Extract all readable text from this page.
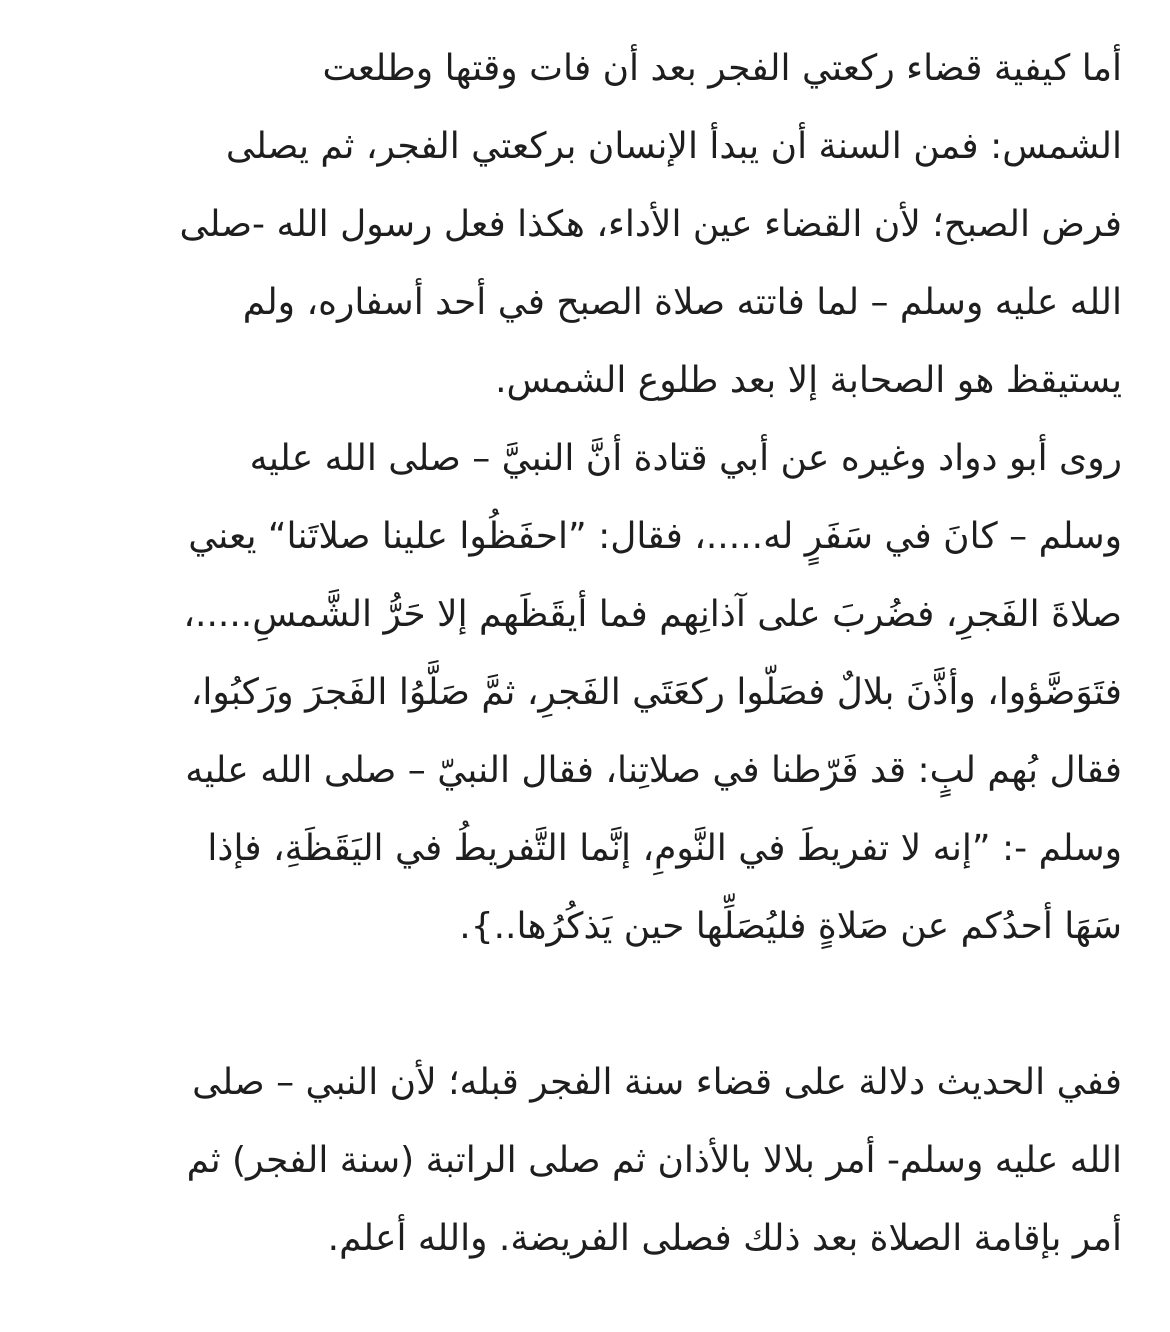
أما كيفية قضاء ركعتي الفجر بعد أن فات وقتها وطلعت
الشمس: فمن السنة أن يبدأ الإنسان بركعتي الفجر، ثم يصلى
فرض الصبح؛ لأن القضاء عين الأداء، هكذا فعل رسول الله -صلى
الله عليه وسلم – لما فاتته صلاة الصبح في أحد أسفاره، ولم
يستيقظ هو الصحابة إلا بعد طلوع الشمس.
روى أبو دواد وغيره عن أبي قتادة أنَّ النبيَّ – صلى الله عليه
وسلم – كانَ في سَفَرٍ له.....، فقال: ”احفَظُوا علينا صلاتَنا“ يعني
صلاةَ الفَجرِ، فضُربَ على آذانِهم فما أيقَظَهم إلا حَرُّ الشَّمسِ.....،
فتَوَضَّؤوا، وأذَّنَ بلالٌ فصَلّوا ركعَتَي الفَجرِ، ثمَّ صَلَّوُا الفَجرَ ورَكبُوا،
فقال بُهم لبٍ: قد فَرّطنا في صلاتِنا، فقال النبيّ – صلى الله عليه
وسلم -: ”إنه لا تفريطَ في النَّومِ، إنَّما التَّفريطُ في اليَقَظَةِ، فإذا
سَهَا أحدُكم عن صَلاةٍ فليُصَلِّها حين يَذكُرُها..}.
ففي الحديث دلالة على قضاء سنة الفجر قبله؛ لأن النبي – صلى
الله عليه وسلم- أمر بلالا بالأذان ثم صلى الراتبة (سنة الفجر) ثم
أمر بإقامة الصلاة بعد ذلك فصلى الفريضة. والله أعلم.
